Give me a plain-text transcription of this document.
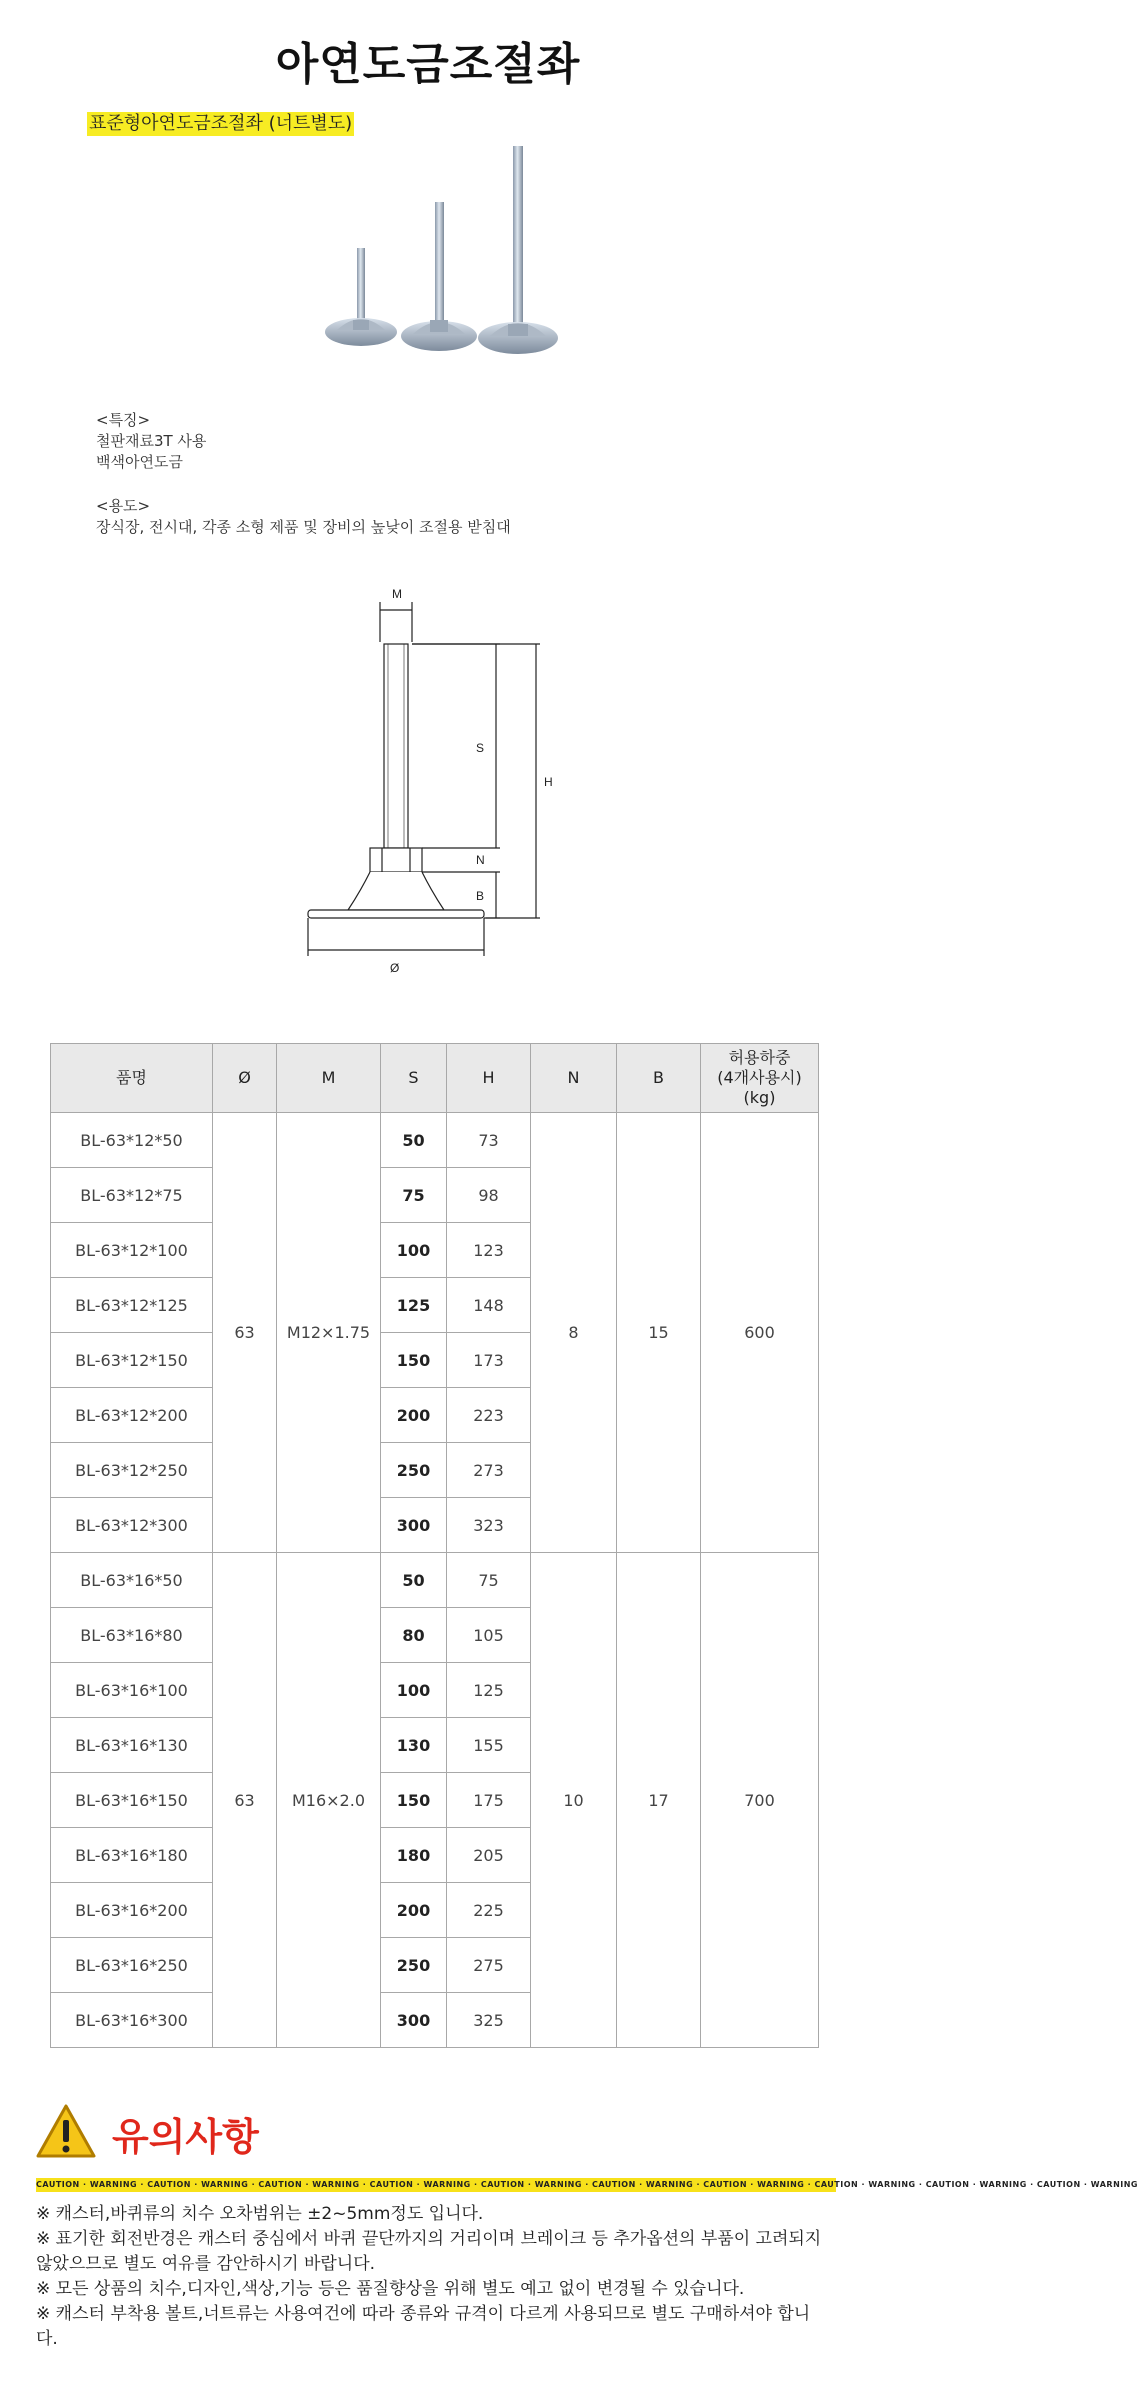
아연도금조절좌
표준형아연도금조절좌 (너트별도)
<특징>
철판재료3T 사용
백색아연도금
<용도>
장식장, 전시대, 각종 소형 제품 및 장비의 높낮이 조절용 받침대
M
S
N
B
H
Ø
품명	Ø	M	S	H	N	B	허용하중
(4개사용시)
(kg)
BL-63*12*50	63	M12×1.75	50	73	8	15	600
BL-63*12*75			75	98			
BL-63*12*100			100	123			
BL-63*12*125			125	148			
BL-63*12*150			150	173			
BL-63*12*200			200	223			
BL-63*12*250			250	273			
BL-63*12*300			300	323			
BL-63*16*50	63	M16×2.0	50	75	10	17	700
BL-63*16*80			80	105			
BL-63*16*100			100	125			
BL-63*16*130			130	155			
BL-63*16*150			150	175			
BL-63*16*180			180	205			
BL-63*16*200			200	225			
BL-63*16*250			250	275			
BL-63*16*300			300	325			
유의사항
CAUTION · WARNING · CAUTION · WARNING · CAUTION · WARNING · CAUTION · WARNING · CAUTION · WARNING · CAUTION · WARNING · CAUTION · WARNING · CAUTION · WARNING · CAUTION · WARNING · CAUTION · WARNING

※ 캐스터,바퀴류의 치수 오차범위는 ±2~5mm정도 입니다.

※ 표기한 회전반경은 캐스터 중심에서 바퀴 끝단까지의 거리이며 브레이크 등 추가옵션의 부품이 고려되지 않았으므로 별도 여유를 감안하시기 바랍니다.

※ 모든 상품의 치수,디자인,색상,기능 등은 품질향상을 위해 별도 예고 없이 변경될 수 있습니다.

※ 캐스터 부착용 볼트,너트류는 사용여건에 따라 종류와 규격이 다르게 사용되므로 별도 구매하셔야 합니다.
